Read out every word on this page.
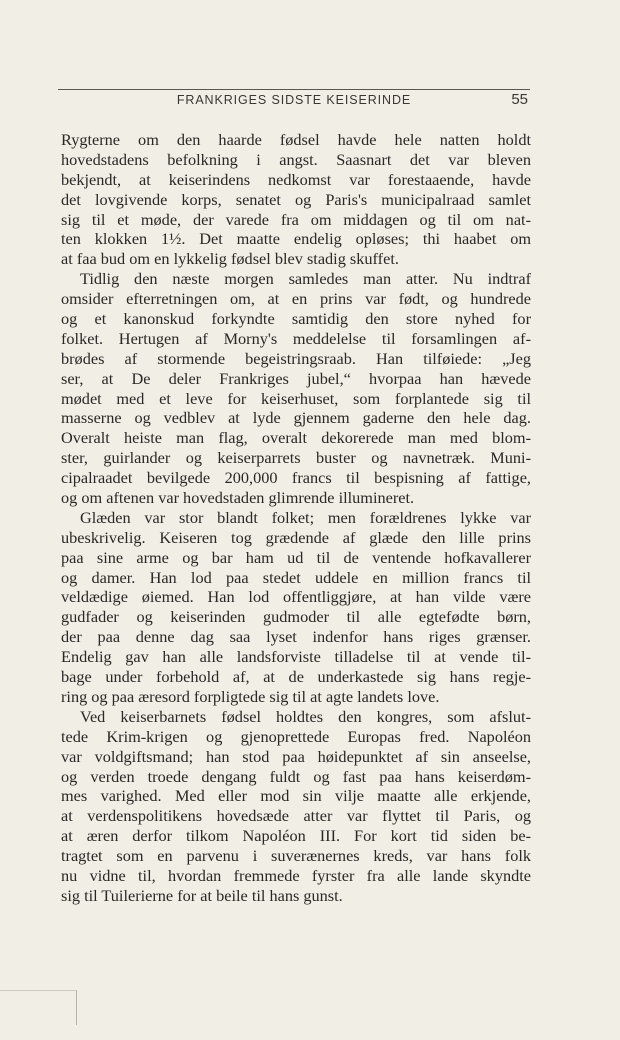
FRANKRIGES SIDSTE KEISERINDE	55
Rygterne om den haarde fødsel havde hele natten holdt
hovedstadens befolkning i angst. Saasnart det var bleven
bekjendt, at keiserindens nedkomst var forestaaende, havde
det lovgivende korps, senatet og Paris's municipalraad samlet
sig til et møde, der varede fra om middagen og til om nat-
ten klokken 1½. Det maatte endelig opløses; thi haabet om
at faa bud om en lykkelig fødsel blev stadig skuffet.
Tidlig den næste morgen samledes man atter. Nu indtraf
omsider efterretningen om, at en prins var født, og hundrede
og et kanonskud forkyndte samtidig den store nyhed for
folket. Hertugen af Morny's meddelelse til forsamlingen af-
brødes af stormende begeistringsraab. Han tilføiede: „Jeg
ser, at De deler Frankriges jubel,“ hvorpaa han hævede
mødet med et leve for keiserhuset, som forplantede sig til
masserne og vedblev at lyde gjennem gaderne den hele dag.
Overalt heiste man flag, overalt dekorerede man med blom-
ster, guirlander og keiserparrets buster og navnetræk. Muni-
cipalraadet bevilgede 200,000 francs til bespisning af fattige,
og om aftenen var hovedstaden glimrende illumineret.
Glæden var stor blandt folket; men forældrenes lykke var
ubeskrivelig. Keiseren tog grædende af glæde den lille prins
paa sine arme og bar ham ud til de ventende hofkavallerer
og damer. Han lod paa stedet uddele en million francs til
veldædige øiemed. Han lod offentliggjøre, at han vilde være
gudfader og keiserinden gudmoder til alle egtefødte børn,
der paa denne dag saa lyset indenfor hans riges grænser.
Endelig gav han alle landsforviste tilladelse til at vende til-
bage under forbehold af, at de underkastede sig hans regje-
ring og paa æresord forpligtede sig til at agte landets love.
Ved keiserbarnets fødsel holdtes den kongres, som afslut-
tede Krim-krigen og gjenoprettede Europas fred. Napoléon
var voldgiftsmand; han stod paa høidepunktet af sin anseelse,
og verden troede dengang fuldt og fast paa hans keiserdøm-
mes varighed. Med eller mod sin vilje maatte alle erkjende,
at verdenspolitikens hovedsæde atter var flyttet til Paris, og
at æren derfor tilkom Napoléon III. For kort tid siden be-
tragtet som en parvenu i suverænernes kreds, var hans folk
nu vidne til, hvordan fremmede fyrster fra alle lande skyndte
sig til Tuilerierne for at beile til hans gunst.
